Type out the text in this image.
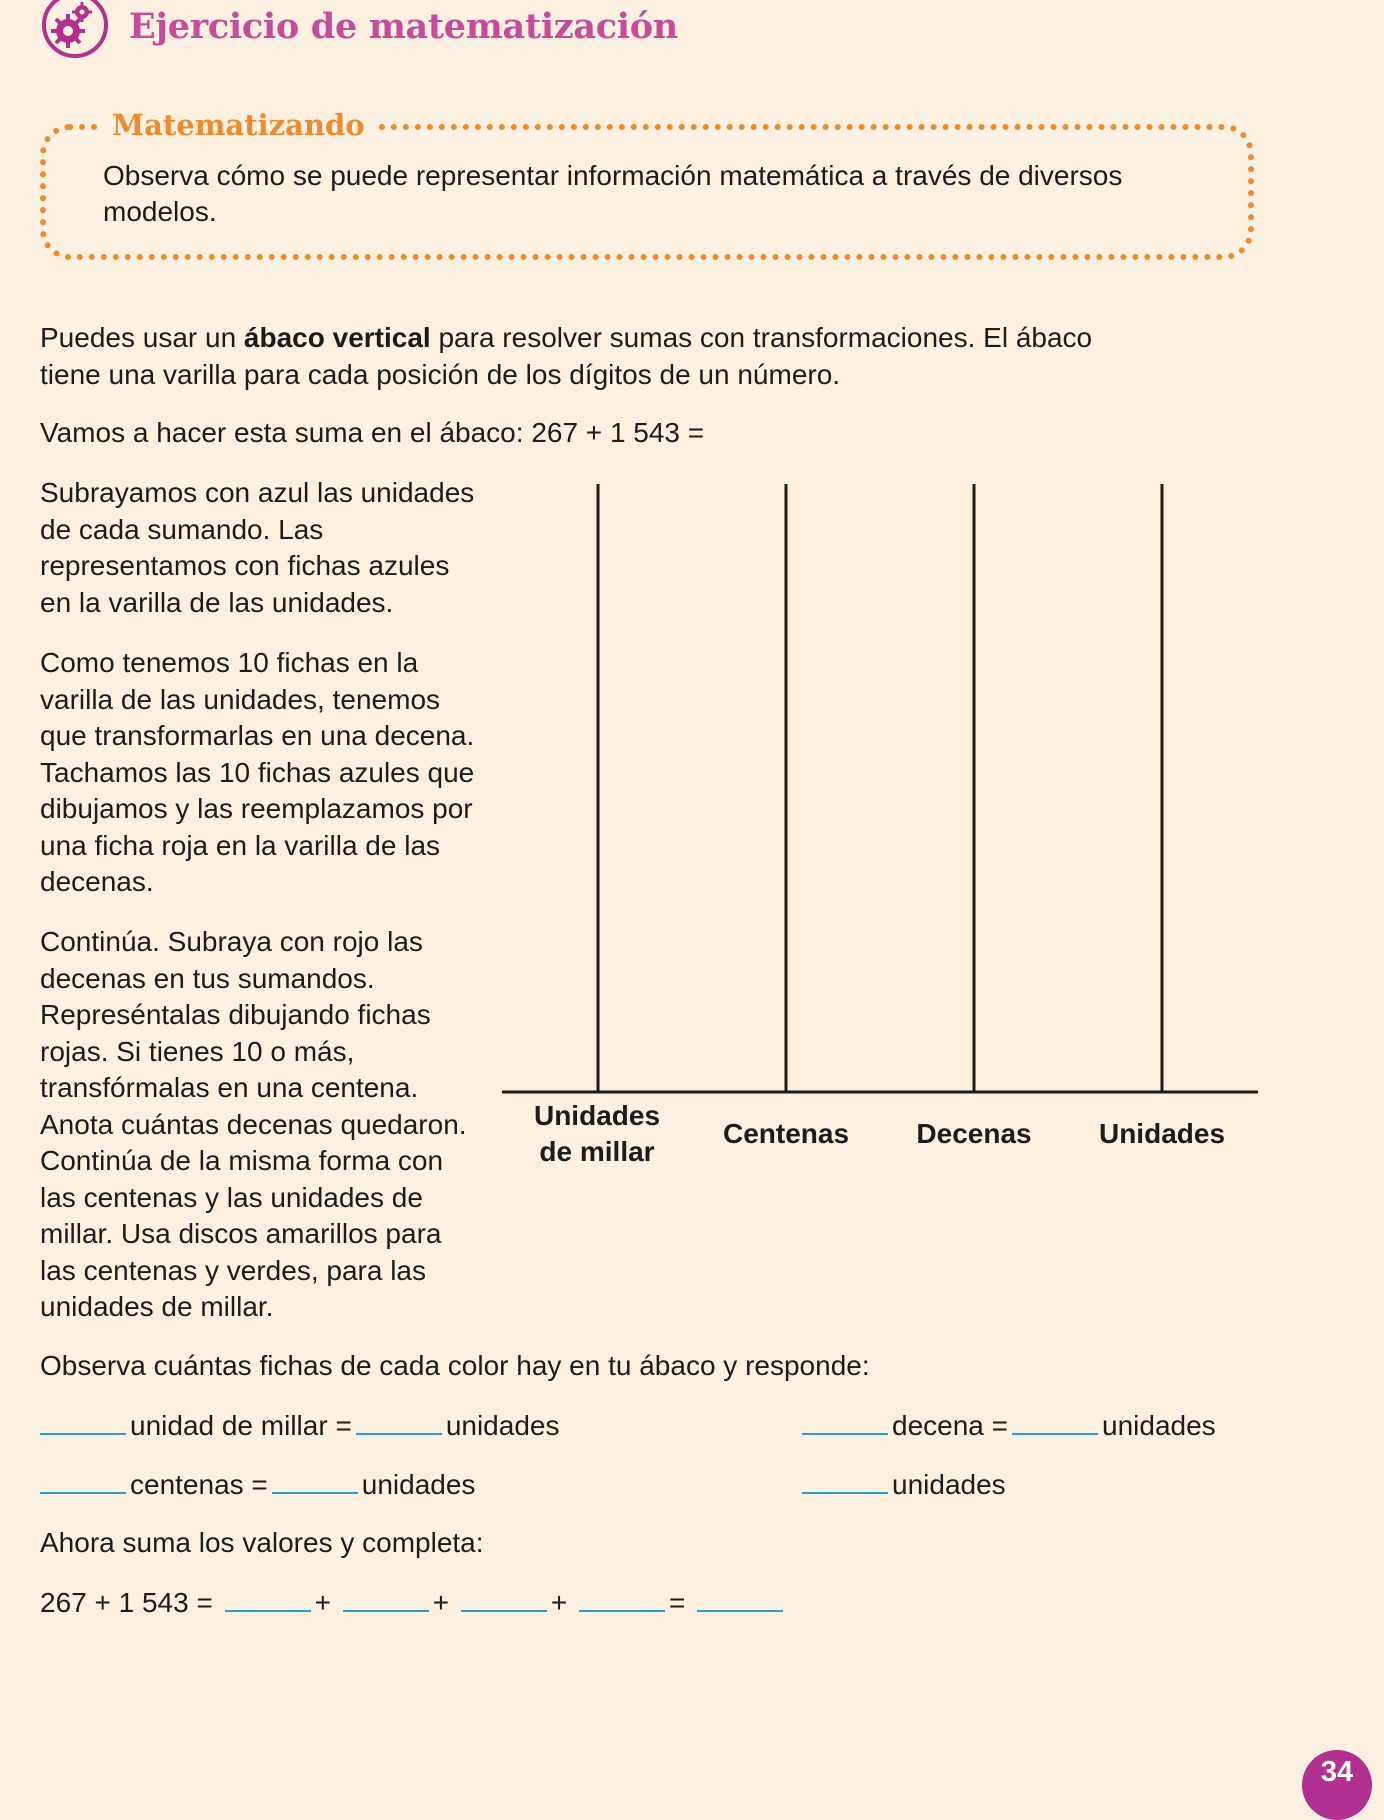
Ejercicio de matematización
Matematizando
Observa cómo se puede representar información matemática a través de diversos modelos.

Puedes usar un ábaco vertical para resolver sumas con transformaciones. El ábaco
tiene una varilla para cada posición de los dígitos de un número.

Vamos a hacer esta suma en el ábaco: 267 + 1 543 =

Subrayamos con azul las unidades de cada sumando. Las representamos con fichas azules en la varilla de las unidades.

Como tenemos 10 fichas en la varilla de las unidades, tenemos que transformarlas en una decena. Tachamos las 10 fichas azules que dibujamos y las reemplazamos por una ficha roja en la varilla de las decenas.

Continúa. Subraya con rojo las decenas en tus sumandos. Represéntalas dibujando fichas rojas. Si tienes 10 o más, transfórmalas en una centena. Anota cuántas decenas quedaron. Continúa de la misma forma con las centenas y las unidades de millar. Usa discos amarillos para las centenas y verdes, para las unidades de millar.

Unidades
de millar
Centenas	Decenas	Unidades

Observa cuántas fichas de cada color hay en tu ábaco y responde:

unidad de millar =	unidades	decena =	unidades

centenas =	unidades	unidades

Ahora suma los valores y completa:

267 + 1 543 =	+	+	+	=

34
